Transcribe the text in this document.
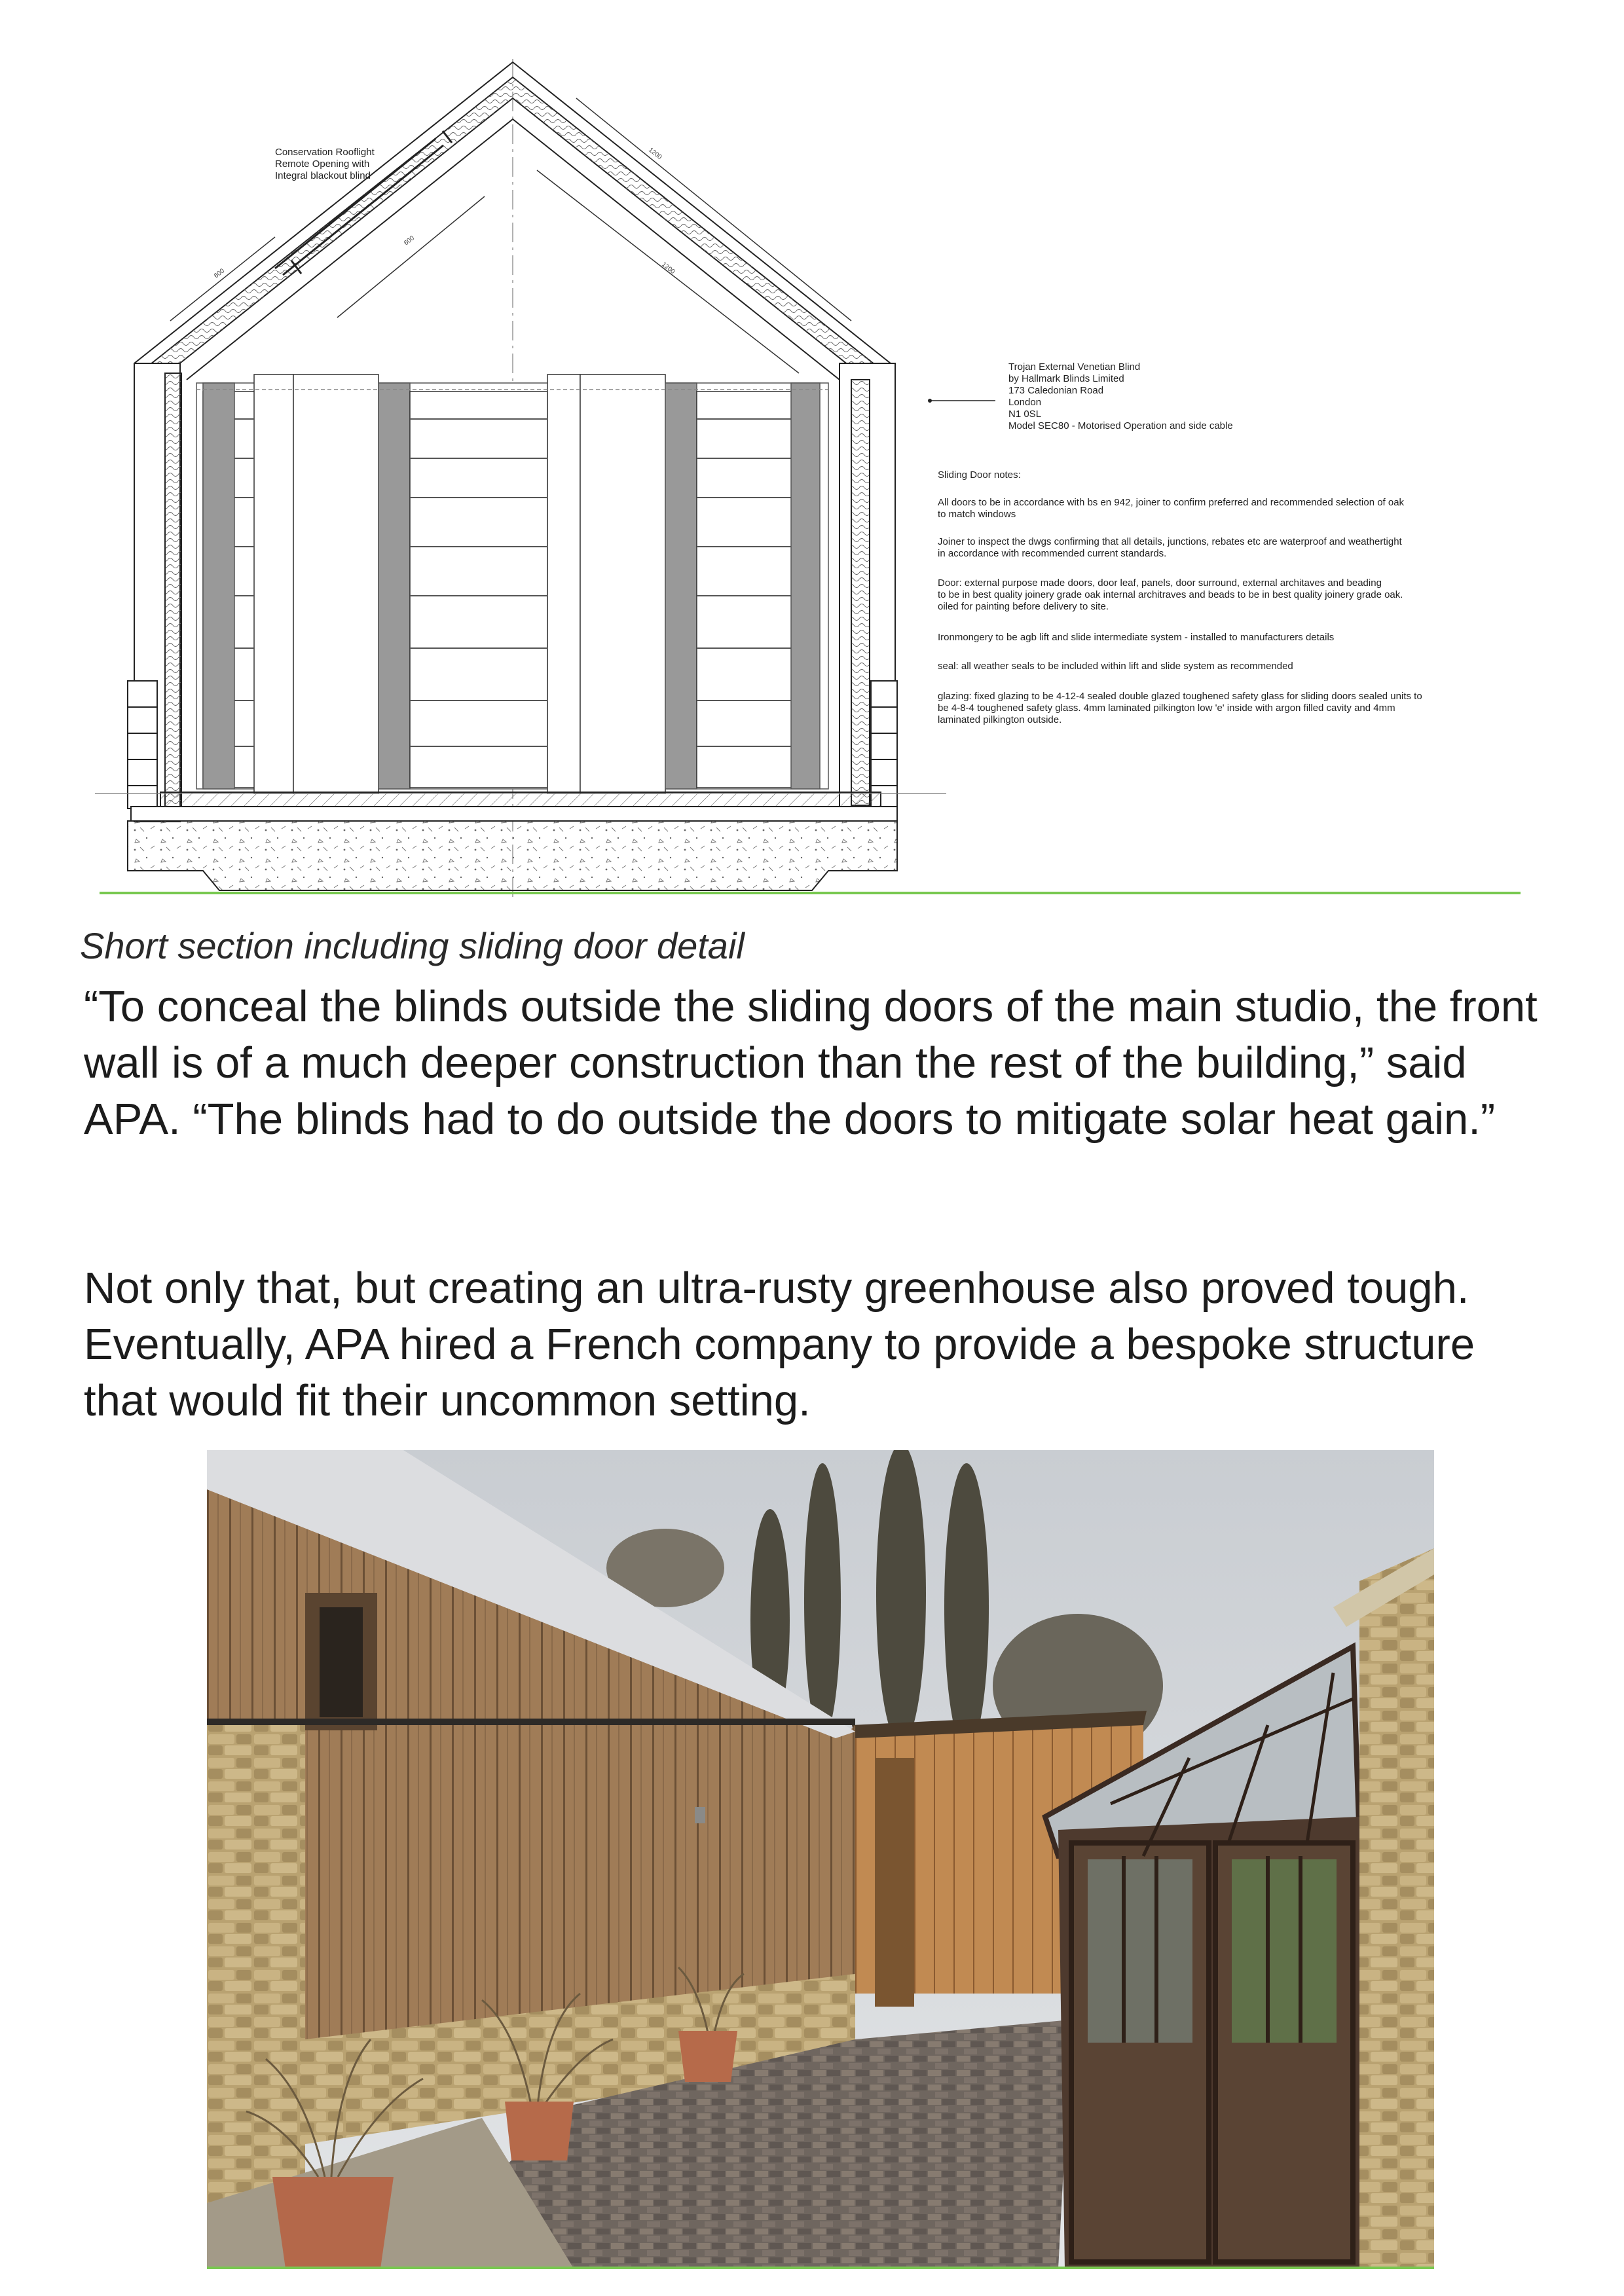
600
600
1200
1200
Conservation Rooflight
Remote Opening with
Integral blackout blind
Trojan External Venetian Blind
by Hallmark Blinds Limited
173 Caledonian Road
London
N1 0SL
Model SEC80 - Motorised Operation and side cable
Sliding Door notes:
All doors to be in accordance with bs en 942, joiner to confirm preferred and recommended selection of oak
to match windows
Joiner to inspect the dwgs confirming that all details, junctions, rebates etc are waterproof and weathertight
in accordance with recommended current standards.
Door: external purpose made doors, door leaf, panels, door surround, external architaves and beading
to be in best quality joinery grade oak internal architraves and beads to be in best quality joinery grade oak.
oiled for painting before delivery to site.
Ironmongery to be agb lift and slide intermediate system - installed to manufacturers details
seal: all weather seals to be included within lift and slide system as recommended
glazing: fixed glazing to be 4-12-4 sealed double glazed toughened safety glass for sliding doors sealed units to
be 4-8-4 toughened safety glass. 4mm laminated pilkington low 'e' inside with argon filled cavity and 4mm
laminated pilkington outside.

Short section including sliding door detail

“To conceal the blinds outside the sliding doors of the main studio, the front wall is of a much deeper construction than the rest of the building,” said APA. “The blinds had to do outside the doors to mitigate solar heat gain.”

Not only that, but creating an ultra-rusty greenhouse also proved tough. Eventually, APA hired a French company to provide a bespoke structure that would fit their uncommon setting.
